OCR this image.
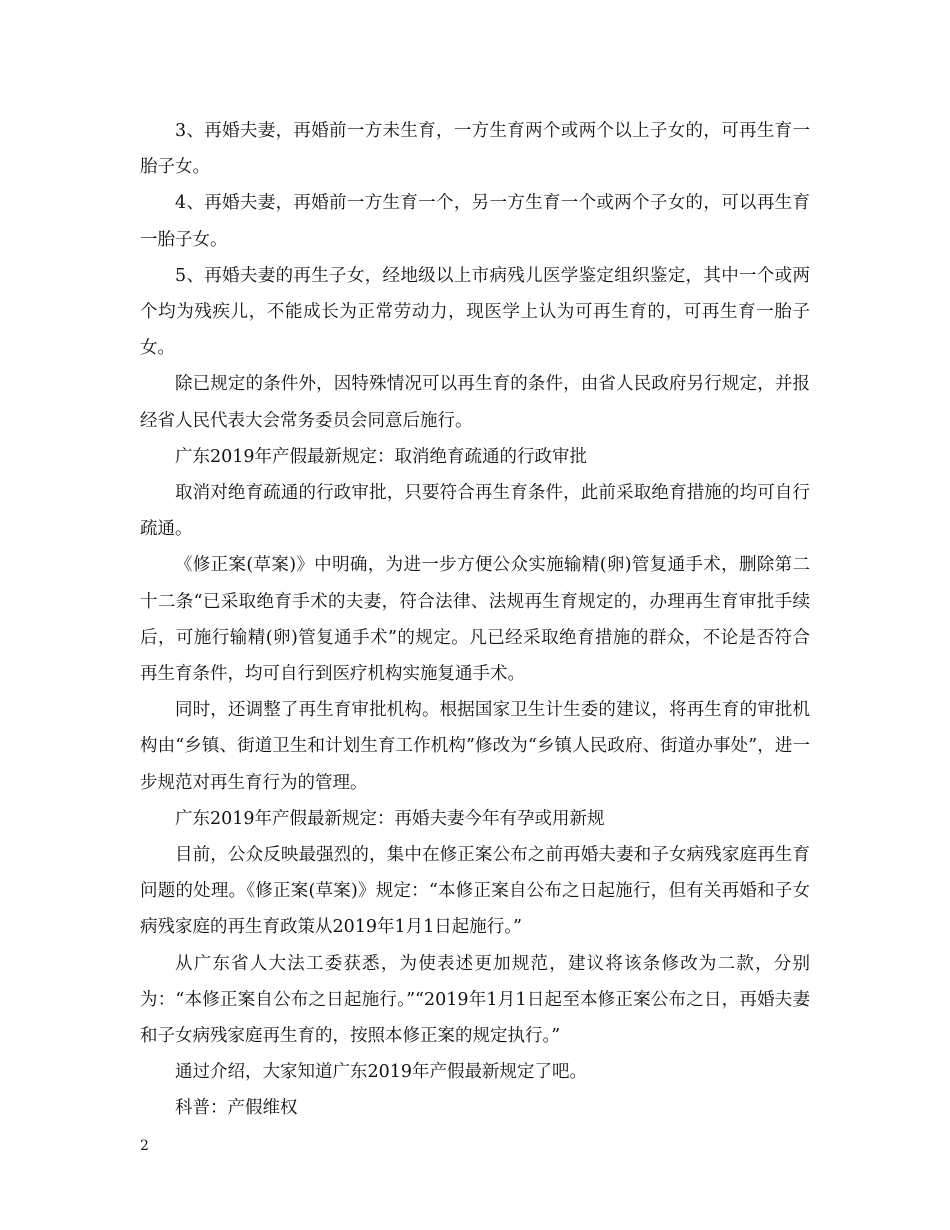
3、再婚夫妻，再婚前一方未生育，一方生育两个或两个以上子女的，可再生育一胎子女。

4、再婚夫妻，再婚前一方生育一个，另一方生育一个或两个子女的，可以再生育一胎子女。

5、再婚夫妻的再生子女，经地级以上市病残儿医学鉴定组织鉴定，其中一个或两个均为残疾儿，不能成长为正常劳动力，现医学上认为可再生育的，可再生育一胎子女。

除已规定的条件外，因特殊情况可以再生育的条件，由省人民政府另行规定，并报经省人民代表大会常务委员会同意后施行。

广东2019年产假最新规定：取消绝育疏通的行政审批

取消对绝育疏通的行政审批，只要符合再生育条件，此前采取绝育措施的均可自行疏通。

《修正案(草案)》中明确，为进一步方便公众实施输精(卵)管复通手术，删除第二十二条“已采取绝育手术的夫妻，符合法律、法规再生育规定的，办理再生育审批手续后，可施行输精(卵)管复通手术”的规定。凡已经采取绝育措施的群众，不论是否符合再生育条件，均可自行到医疗机构实施复通手术。

同时，还调整了再生育审批机构。根据国家卫生计生委的建议，将再生育的审批机构由“乡镇、街道卫生和计划生育工作机构”修改为“乡镇人民政府、街道办事处”，进一步规范对再生育行为的管理。

广东2019年产假最新规定：再婚夫妻今年有孕或用新规

目前，公众反映最强烈的，集中在修正案公布之前再婚夫妻和子女病残家庭再生育问题的处理。《修正案(草案)》规定：“本修正案自公布之日起施行，但有关再婚和子女病残家庭的再生育政策从2019年1月1日起施行。”

从广东省人大法工委获悉，为使表述更加规范，建议将该条修改为二款，分别为：“本修正案自公布之日起施行。”“2019年1月1日起至本修正案公布之日，再婚夫妻和子女病残家庭再生育的，按照本修正案的规定执行。”

通过介绍，大家知道广东2019年产假最新规定了吧。

科普：产假维权

2
